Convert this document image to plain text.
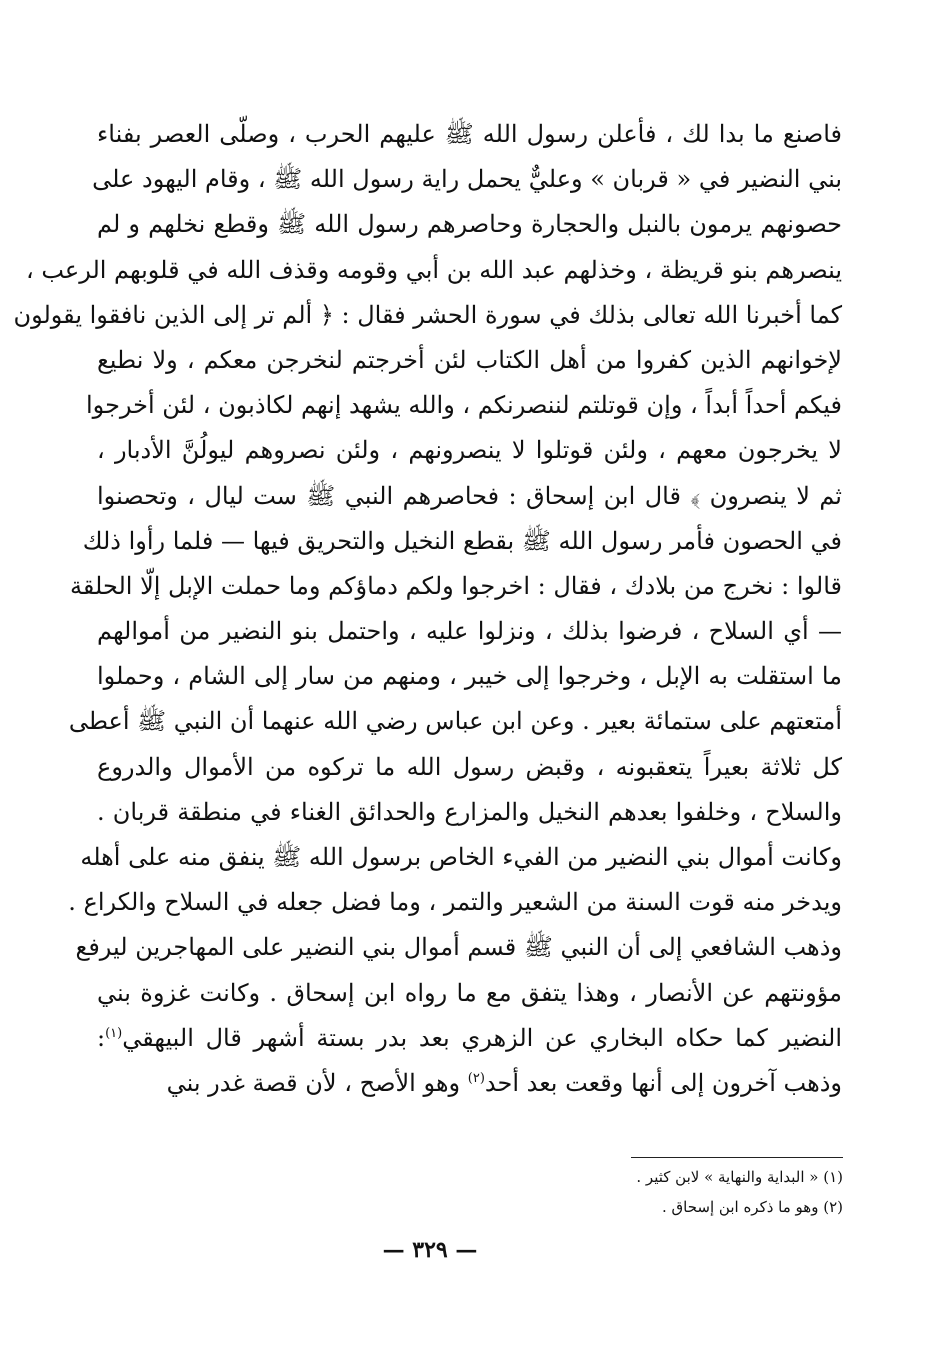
فاصنع ما بدا لك ، فأعلن رسول الله ﷺ عليهم الحرب ، وصلّى العصر بفناء
بني النضير في « قربان » وعليٌّ يحمل راية رسول الله ﷺ ، وقام اليهود على
حصونهم يرمون بالنبل والحجارة وحاصرهم رسول الله ﷺ وقطع نخلهم و لم
ينصرهم بنو قريظة ، وخذلهم عبد الله بن أبي وقومه وقذف الله في قلوبهم الرعب ،
كما أخبرنا الله تعالى بذلك في سورة الحشر فقال : ﴿ ألم تر إلى الذين نافقوا يقولون
لإخوانهم الذين كفروا من أهل الكتاب لئن أخرجتم لنخرجن معكم ، ولا نطيع
فيكم أحداً أبداً ، وإن قوتلتم لننصرنكم ، والله يشهد إنهم لكاذبون ، لئن أخرجوا
لا يخرجون معهم ، ولئن قوتلوا لا ينصرونهم ، ولئن نصروهم ليولُنَّ الأدبار ،
ثم لا ينصرون ﴾ قال ابن إسحاق : فحاصرهم النبي ﷺ ست ليال ، وتحصنوا
في الحصون فأمر رسول الله ﷺ بقطع النخيل والتحريق فيها — فلما رأوا ذلك
قالوا : نخرج من بلادك ، فقال : اخرجوا ولكم دماؤكم وما حملت الإبل إلّا الحلقة
— أي السلاح ، فرضوا بذلك ، ونزلوا عليه ، واحتمل بنو النضير من أموالهم
ما استقلت به الإبل ، وخرجوا إلى خيبر ، ومنهم من سار إلى الشام ، وحملوا
أمتعتهم على ستمائة بعير . وعن ابن عباس رضي الله عنهما أن النبي ﷺ أعطى
كل ثلاثة بعيراً يتعقبونه ، وقبض رسول الله ما تركوه من الأموال والدروع
والسلاح ، وخلفوا بعدهم النخيل والمزارع والحدائق الغناء في منطقة قربان .
وكانت أموال بني النضير من الفيء الخاص برسول الله ﷺ ينفق منه على أهله
ويدخر منه قوت السنة من الشعير والتمر ، وما فضل جعله في السلاح والكراع .
وذهب الشافعي إلى أن النبي ﷺ قسم أموال بني النضير على المهاجرين ليرفع
مؤونتهم عن الأنصار ، وهذا يتفق مع ما رواه ابن إسحاق . وكانت غزوة بني
النضير كما حكاه البخاري عن الزهري بعد بدر بستة أشهر قال البيهقي$^{(١)}$:
وذهب آخرون إلى أنها وقعت بعد أحد$^{(٢)}$ وهو الأصح ، لأن قصة غدر بني
(١) « البداية والنهاية » لابن كثير .
(٢) وهو ما ذكره ابن إسحاق .
— ٣٢٩ —
